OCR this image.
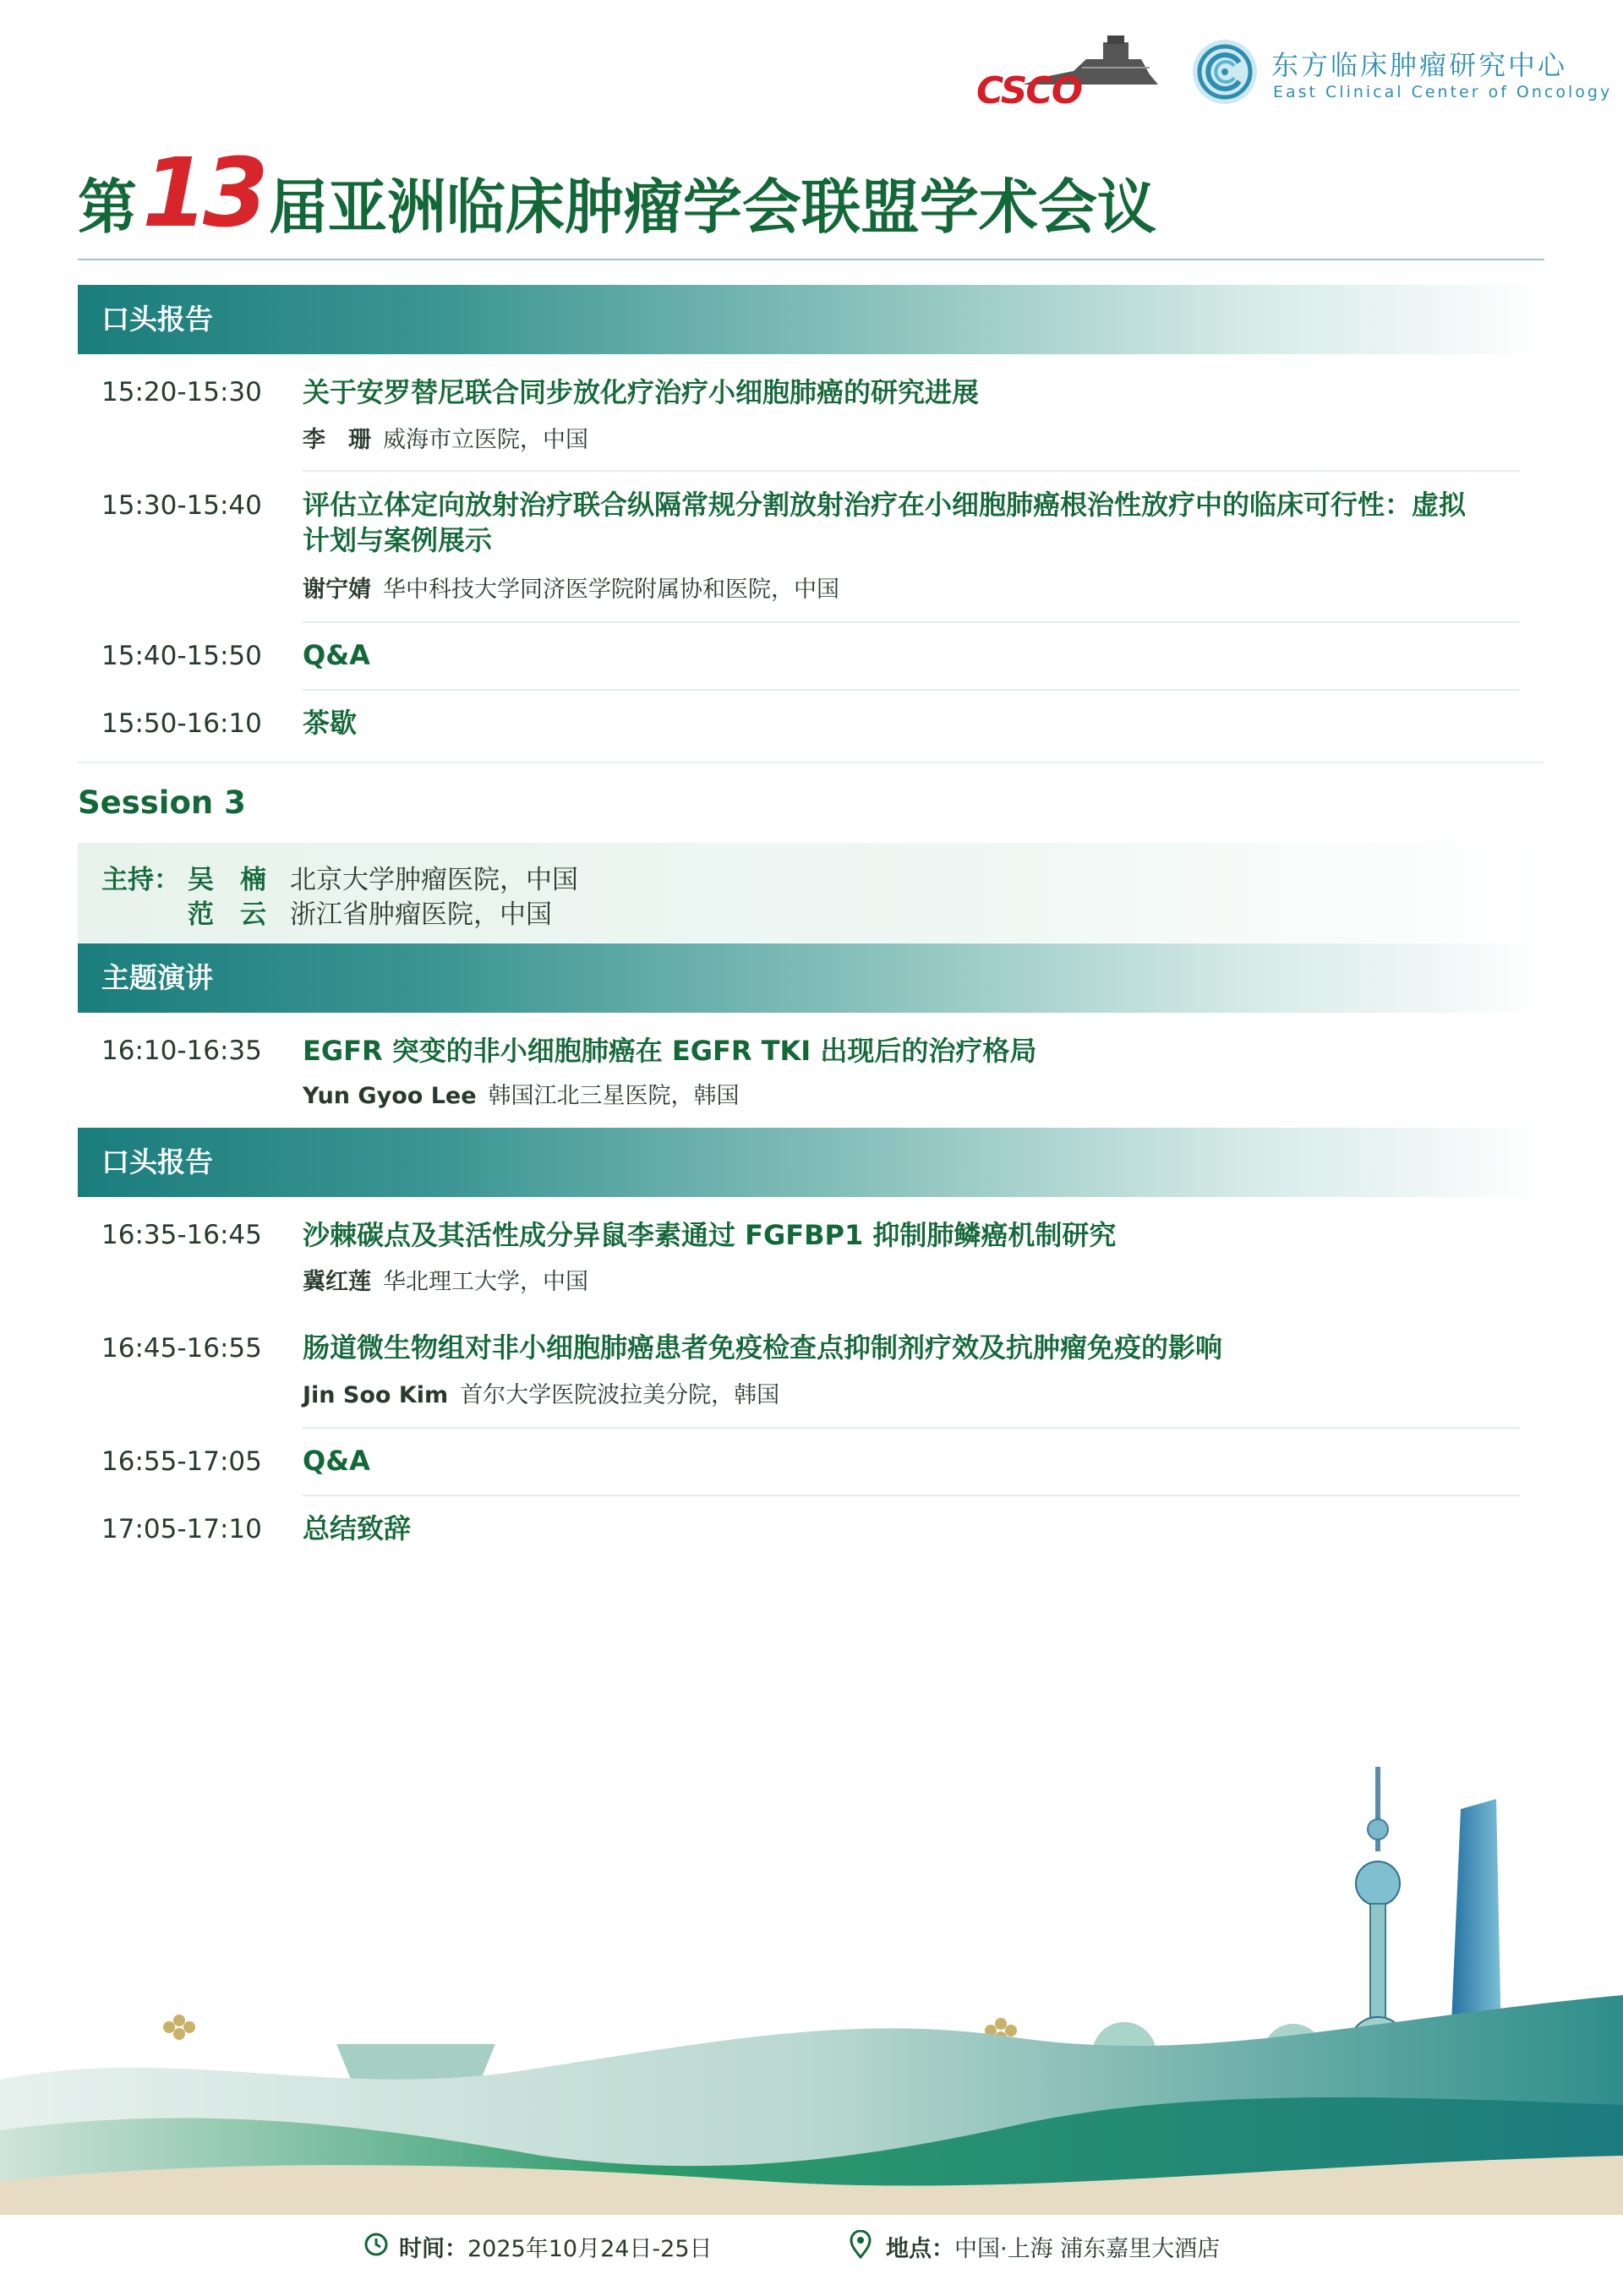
CSCO
东方临床肿瘤研究中心
East Clinical Center of Oncology
第 13 届亚洲临床肿瘤学会联盟学术会议
口头报告
15:20-15:30 关于安罗替尼联合同步放化疗治疗小细胞肺癌的研究进展
李　珊 威海市立医院，中国
15:30-15:40 评估立体定向放射治疗联合纵隔常规分割放射治疗在小细胞肺癌根治性放疗中的临床可行性：虚拟计划与案例展示
谢宁婧 华中科技大学同济医学院附属协和医院，中国
15:40-15:50 Q&A
15:50-16:10 茶歇
Session 3
主持： 吴　楠 北京大学肿瘤医院，中国
范　云 浙江省肿瘤医院，中国
主题演讲
16:10-16:35 EGFR 突变的非小细胞肺癌在 EGFR TKI 出现后的治疗格局
Yun Gyoo Lee 韩国江北三星医院，韩国
口头报告
16:35-16:45 沙棘碳点及其活性成分异鼠李素通过 FGFBP1 抑制肺鳞癌机制研究
冀红莲 华北理工大学，中国
16:45-16:55 肠道微生物组对非小细胞肺癌患者免疫检查点抑制剂疗效及抗肿瘤免疫的影响
Jin Soo Kim 首尔大学医院波拉美分院，韩国
16:55-17:05 Q&A
17:05-17:10 总结致辞
时间：2025年10月24日-25日	地点：中国·上海 浦东嘉里大酒店
